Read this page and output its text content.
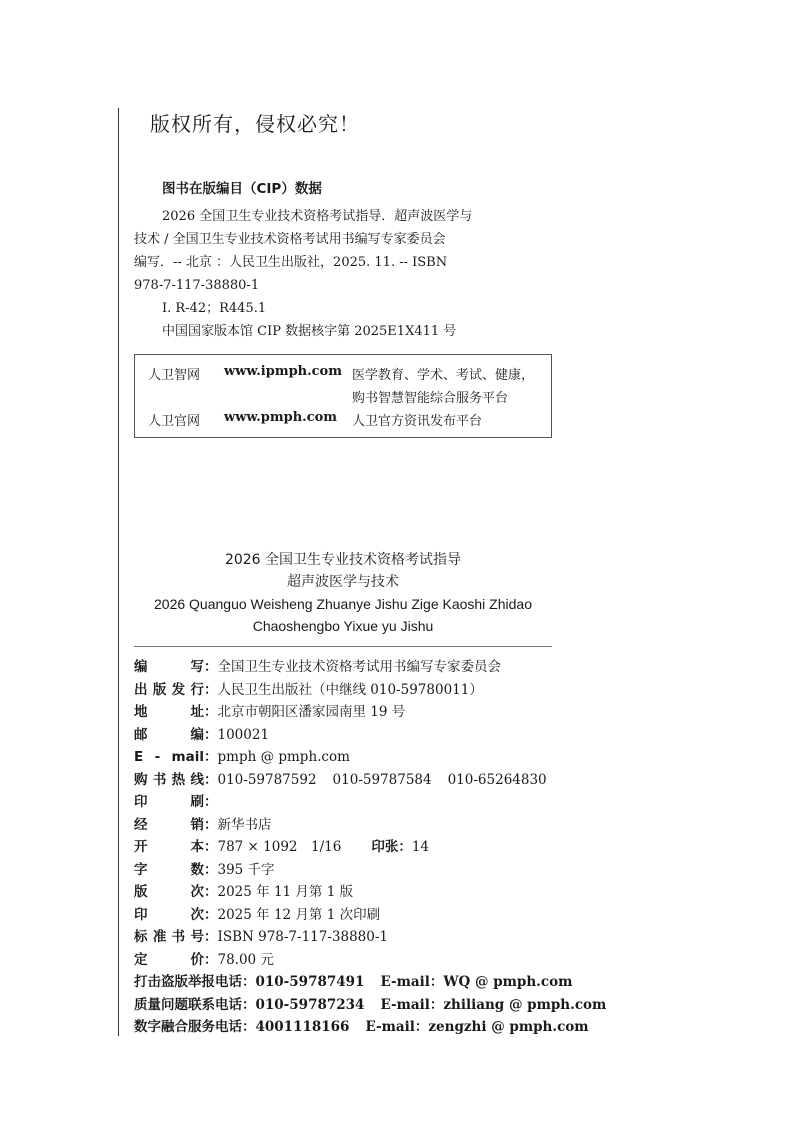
版权所有，侵权必究！
图书在版编目（CIP）数据
2026 全国卫生专业技术资格考试指导．超声波医学与
技术 / 全国卫生专业技术资格考试用书编写专家委员会
编写．-- 北京 ：人民卫生出版社，2025. 11. -- ISBN
978-7-117-38880-1
Ⅰ. R-42；R445.1
中国国家版本馆 CIP 数据核字第 2025E1X411 号
人卫智网 www.ipmph.com 医学教育、学术、考试、健康，
购书智慧智能综合服务平台
人卫官网 www.pmph.com 人卫官方资讯发布平台
2026 全国卫生专业技术资格考试指导
超声波医学与技术
2026 Quanguo Weisheng Zhuanye Jishu Zige Kaoshi Zhidao
Chaoshengbo Yixue yu Jishu
编写：全国卫生专业技术资格考试用书编写专家委员会
出版发行：人民卫生出版社（中继线 010-59780011）
地址：北京市朝阳区潘家园南里 19 号
邮编：100021
E - mail：pmph @ pmph.com
购书热线：010-59787592 010-59787584 010-65264830
印刷：
经销：新华书店
开本：787 × 1092　1/16 印张：14
字数：395 千字
版次：2025 年 11 月第 1 版
印次：2025 年 12 月第 1 次印刷
标准书号：ISBN 978-7-117-38880-1
定价：78.00 元
打击盗版举报电话：010-59787491 E-mail：WQ @ pmph.com
质量问题联系电话：010-59787234 E-mail：zhiliang @ pmph.com
数字融合服务电话：4001118166 E-mail：zengzhi @ pmph.com
